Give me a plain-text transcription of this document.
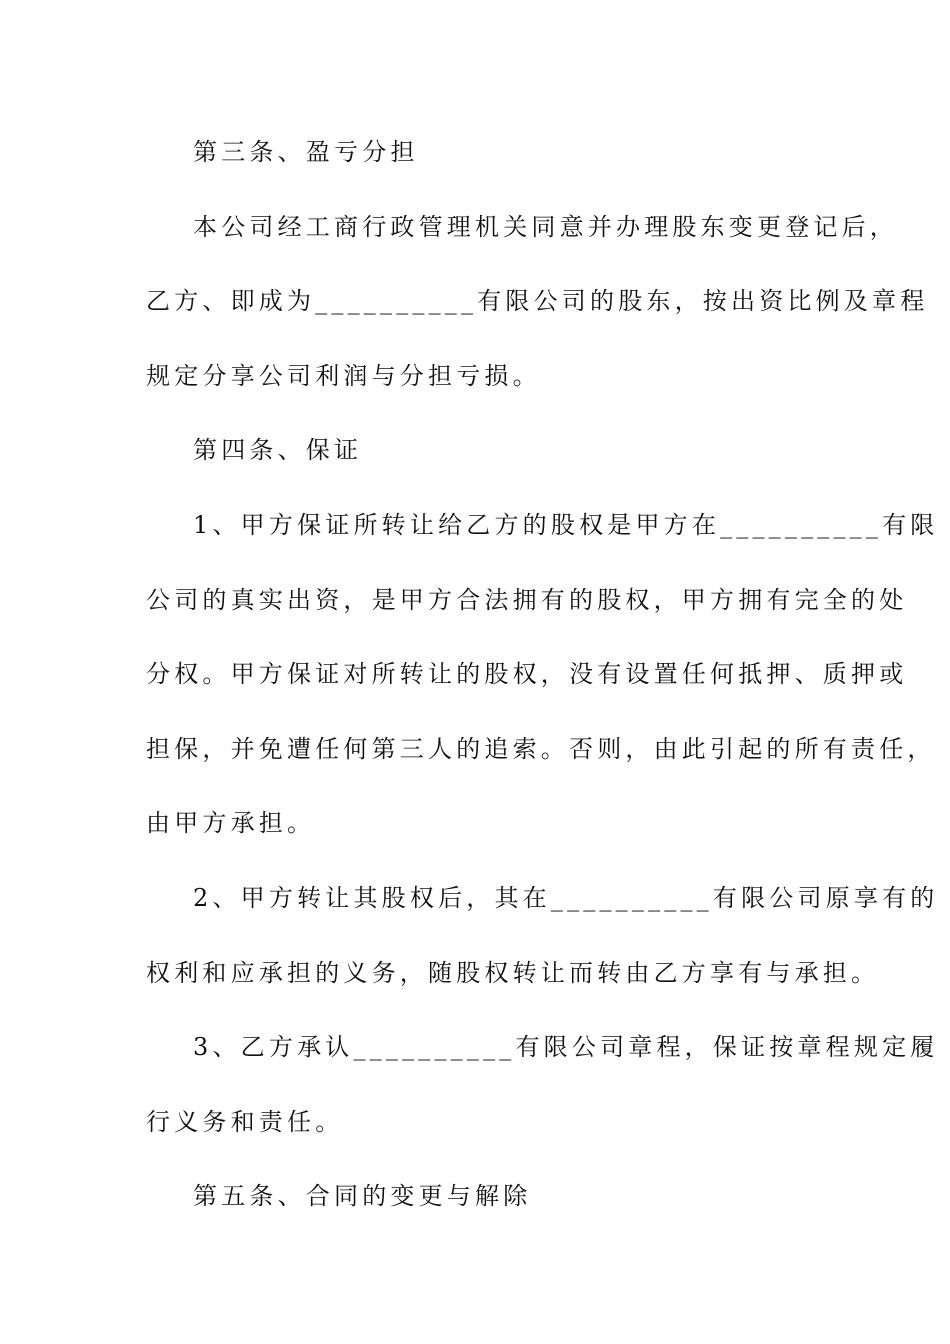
第三条、盈亏分担
本公司经工商行政管理机关同意并办理股东变更登记后，
乙方、即成为__________有限公司的股东，按出资比例及章程
规定分享公司利润与分担亏损。
第四条、保证
1、甲方保证所转让给乙方的股权是甲方在__________有限
公司的真实出资，是甲方合法拥有的股权，甲方拥有完全的处
分权。甲方保证对所转让的股权，没有设置任何抵押、质押或
担保，并免遭任何第三人的追索。否则，由此引起的所有责任，
由甲方承担。
2、甲方转让其股权后，其在__________有限公司原享有的
权利和应承担的义务，随股权转让而转由乙方享有与承担。
3、乙方承认__________有限公司章程，保证按章程规定履
行义务和责任。
第五条、合同的变更与解除
